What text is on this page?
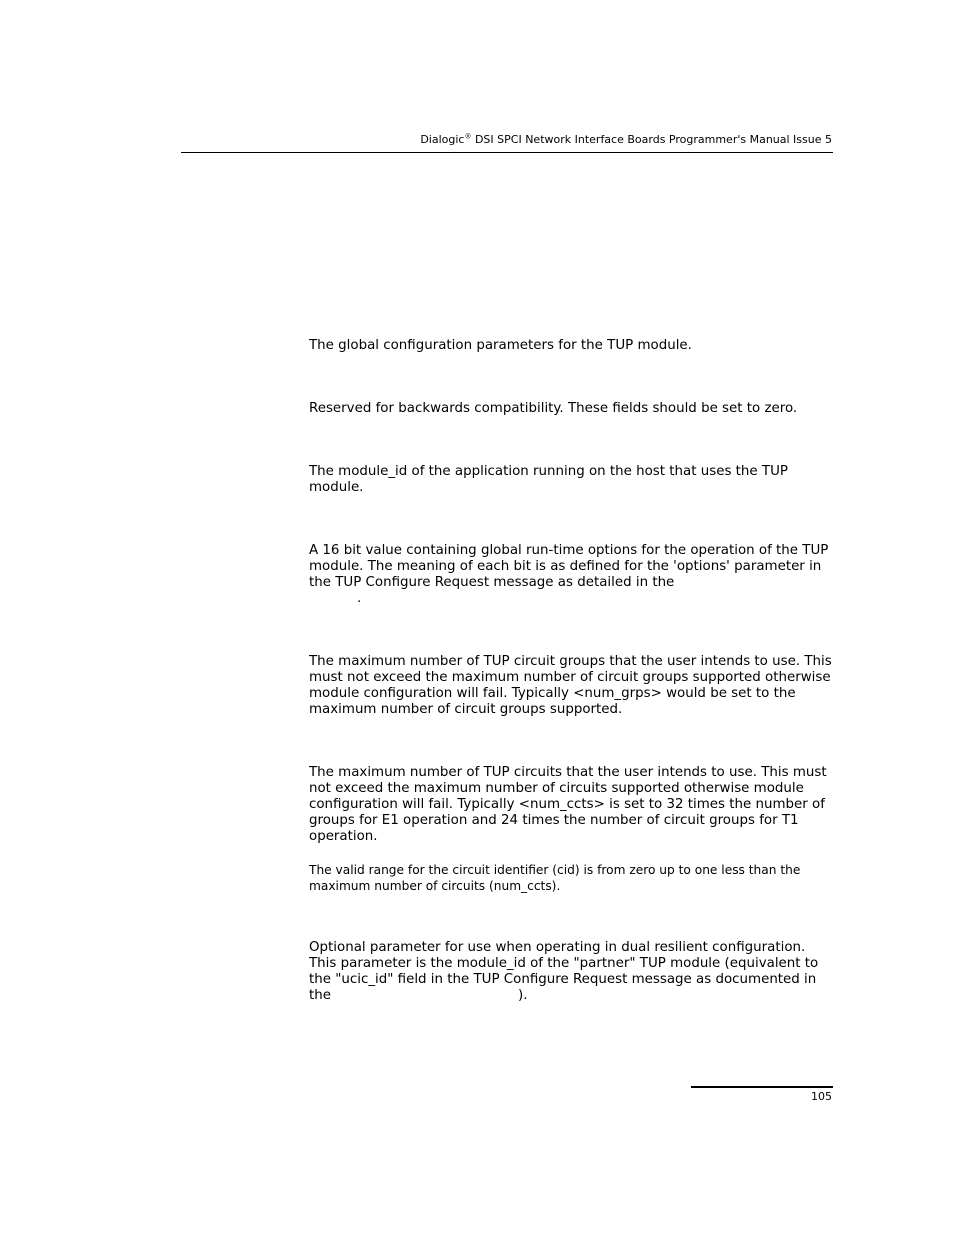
Dialogic® DSI SPCI Network Interface Boards Programmer's Manual Issue 5
The global configuration parameters for the TUP module.
Reserved for backwards compatibility. These fields should be set to zero.
The module_id of the application running on the host that uses the TUP
module.
A 16 bit value containing global run-time options for the operation of the TUP
module. The meaning of each bit is as defined for the 'options' parameter in
the TUP Configure Request message as detailed in the
.
The maximum number of TUP circuit groups that the user intends to use. This
must not exceed the maximum number of circuit groups supported otherwise
module configuration will fail. Typically <num_grps> would be set to the
maximum number of circuit groups supported.
The maximum number of TUP circuits that the user intends to use. This must
not exceed the maximum number of circuits supported otherwise module
configuration will fail. Typically <num_ccts> is set to 32 times the number of
groups for E1 operation and 24 times the number of circuit groups for T1
operation.
The valid range for the circuit identifier (cid) is from zero up to one less than the
maximum number of circuits (num_ccts).
Optional parameter for use when operating in dual resilient configuration.
This parameter is the module_id of the "partner" TUP module (equivalent to
the "ucic_id" field in the TUP Configure Request message as documented in
the	).
105
